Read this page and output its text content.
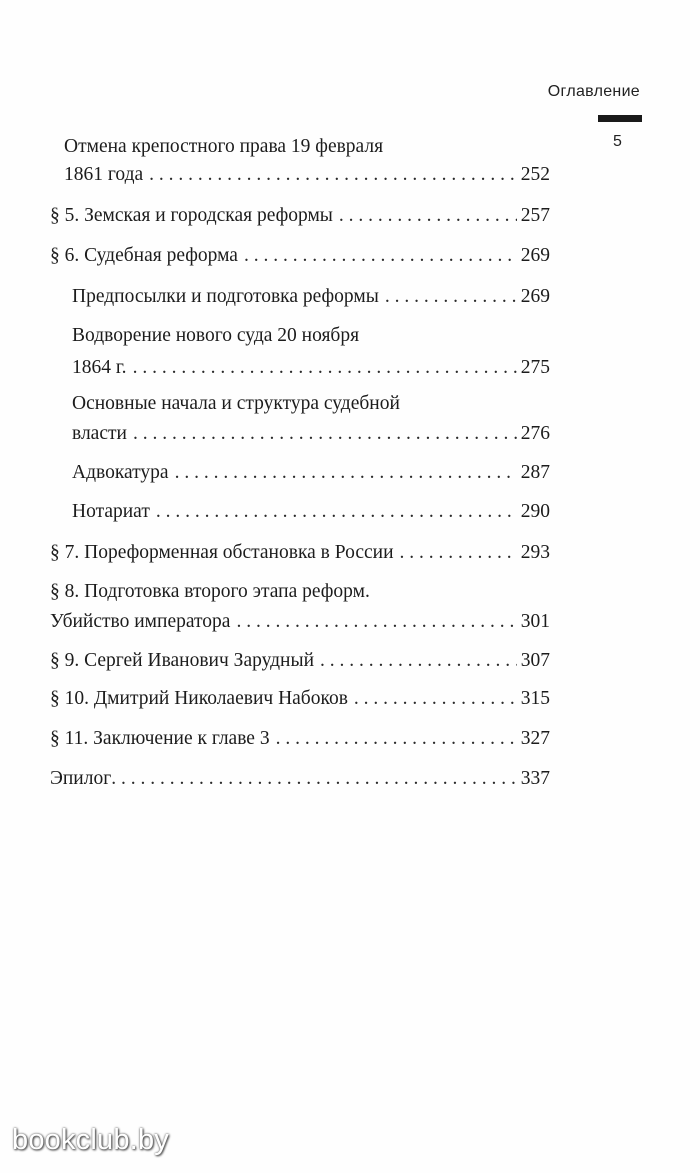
Оглавление
5
Отмена крепостного права 19 февраля
1861 года . . .	252
§ 5. Земская и городская реформы . . .	257
§ 6. Судебная реформа . . .	269
Предпосылки и подготовка реформы . . .	269
Водворение нового суда 20 ноября
1864 г. . . .	275
Основные начала и структура судебной
власти . . .	276
Адвокатура . . .	287
Нотариат . . .	290
§ 7. Пореформенная обстановка в России . . .	293
§ 8. Подготовка второго этапа реформ.
Убийство императора . . .	301
§ 9. Сергей Иванович Зарудный . . .	307
§ 10. Дмитрий Николаевич Набоков . . .	315
§ 11. Заключение к главе 3 . . .	327
Эпилог . . .	337
bookclub.by
